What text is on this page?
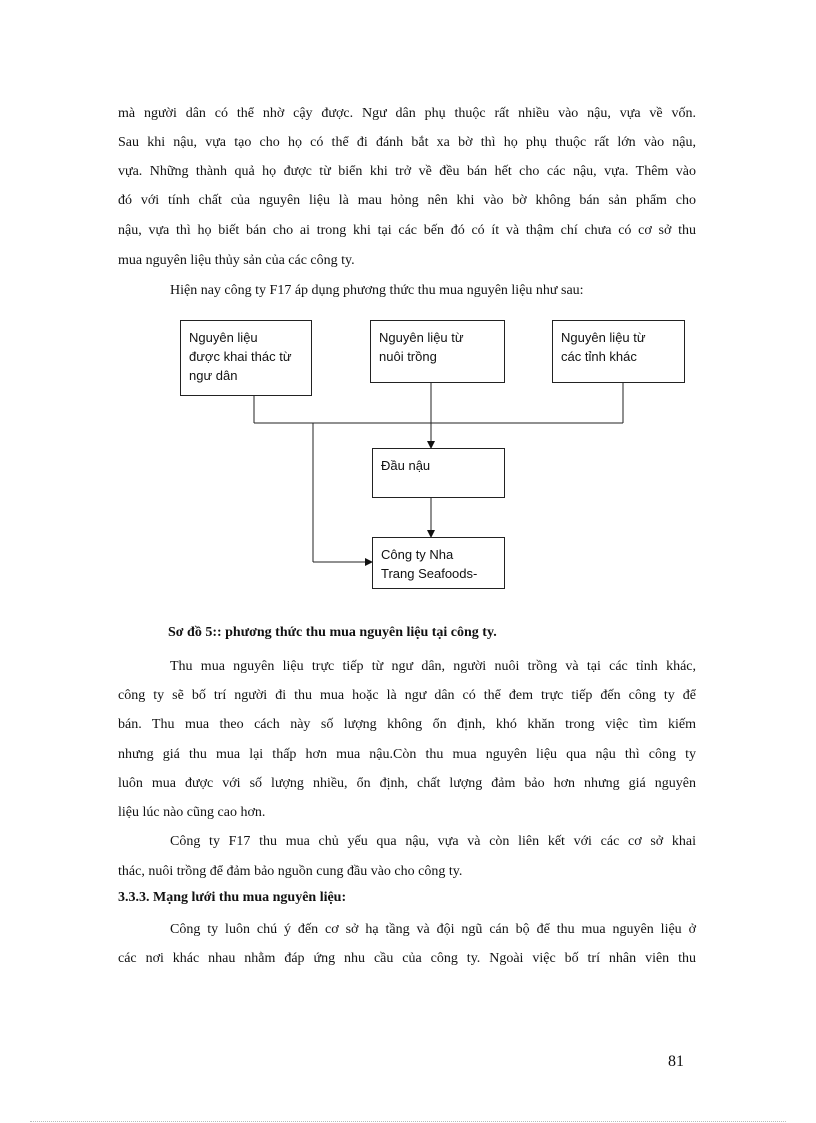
mà người dân có thể nhờ cậy được. Ngư dân phụ thuộc rất nhiều vào nậu, vựa về vốn.
Sau khi nậu, vựa tạo cho họ có thể đi đánh bắt xa bờ thì họ phụ thuộc rất lớn vào nậu,
vựa. Những thành quả họ được từ biển khi trở về đều bán hết cho các nậu, vựa. Thêm vào
đó với tính chất của nguyên liệu là mau hỏng nên khi vào bờ không bán sản phẩm cho
nậu, vựa thì họ biết bán cho ai trong khi tại các bến đó có ít và thậm chí chưa có cơ sở thu
mua nguyên liệu thủy sản của các công ty.
Hiện nay công ty F17 áp dụng phương thức thu mua nguyên liệu như sau:
Nguyên liệu
được khai thác từ
ngư dân
Nguyên liệu từ
nuôi trồng
Nguyên liệu từ
các tỉnh khác
Đầu nậu
Công ty Nha
Trang Seafoods-
Sơ đồ 5:: phương thức thu mua nguyên liệu tại công ty.
Thu mua nguyên liệu trực tiếp từ ngư dân, người nuôi trồng và tại các tỉnh khác,
công ty sẽ bố trí người đi thu mua hoặc là ngư dân có thể đem trực tiếp đến công ty để
bán. Thu mua theo cách này số lượng không ổn định, khó khăn trong việc tìm kiếm
nhưng giá thu mua lại thấp hơn mua nậu.Còn thu mua nguyên liệu qua nậu thì công ty
luôn mua được với số lượng nhiều, ổn định, chất lượng đảm bảo hơn nhưng giá nguyên
liệu lúc nào cũng cao hơn.
Công ty F17 thu mua chủ yếu qua nậu, vựa và còn liên kết với các cơ sở khai
thác, nuôi trồng để đảm bảo nguồn cung đầu vào cho công ty.
3.3.3. Mạng lưới thu mua nguyên liệu:
Công ty luôn chú ý đến cơ sở hạ tầng và đội ngũ cán bộ để thu mua nguyên liệu ở
các nơi khác nhau nhằm đáp ứng nhu cầu của công ty. Ngoài việc bố trí nhân viên thu
81
